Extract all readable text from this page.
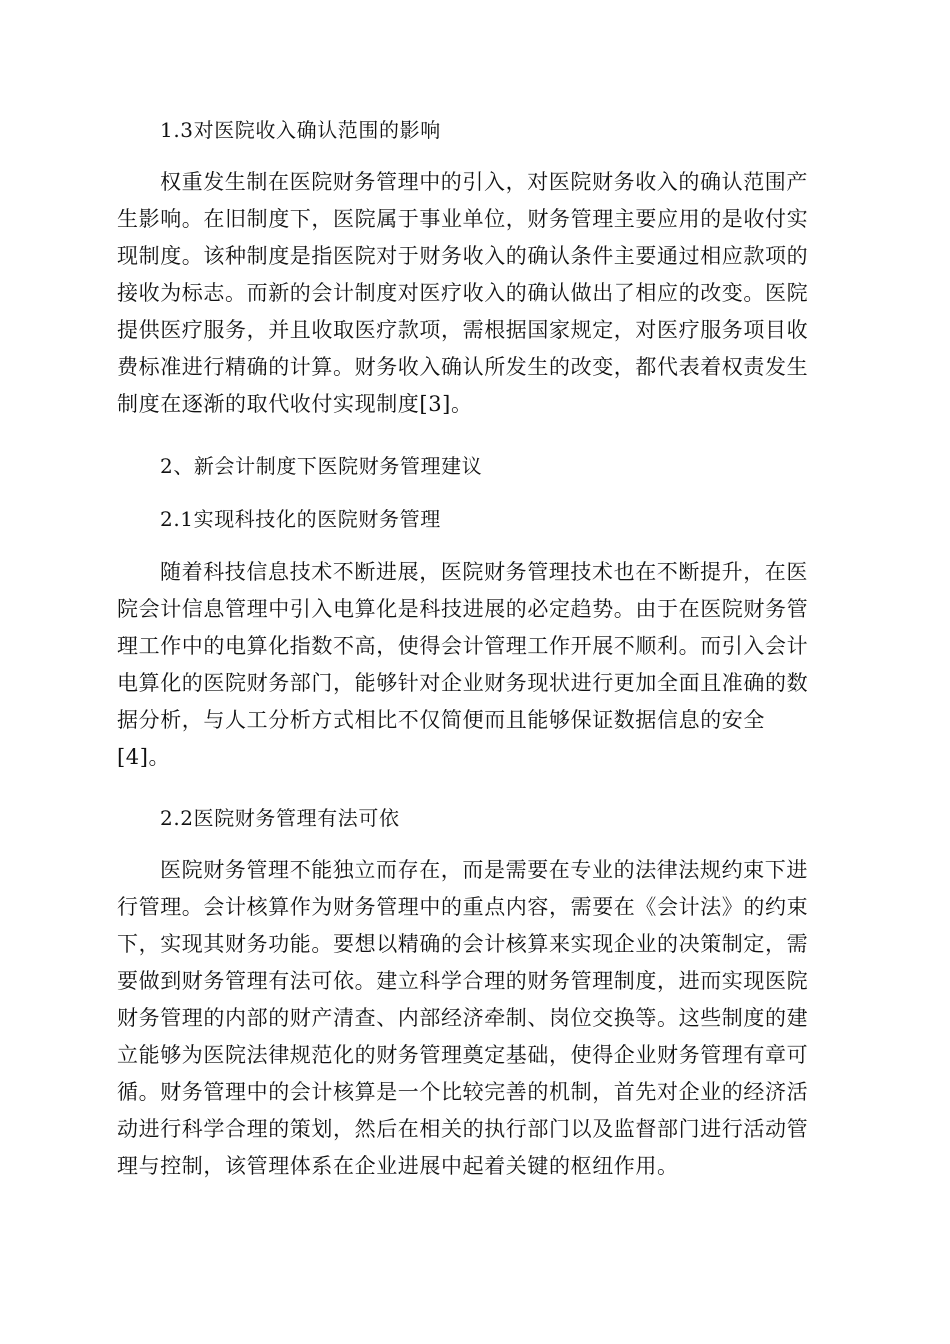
1.3对医院收入确认范围的影响
权重发生制在医院财务管理中的引入，对医院财务收入的确认范围产
生影响。在旧制度下，医院属于事业单位，财务管理主要应用的是收付实
现制度。该种制度是指医院对于财务收入的确认条件主要通过相应款项的
接收为标志。而新的会计制度对医疗收入的确认做出了相应的改变。医院
提供医疗服务，并且收取医疗款项，需根据国家规定，对医疗服务项目收
费标准进行精确的计算。财务收入确认所发生的改变，都代表着权责发生
制度在逐渐的取代收付实现制度[3]。
2、新会计制度下医院财务管理建议
2.1实现科技化的医院财务管理
随着科技信息技术不断进展，医院财务管理技术也在不断提升，在医
院会计信息管理中引入电算化是科技进展的必定趋势。由于在医院财务管
理工作中的电算化指数不高，使得会计管理工作开展不顺利。而引入会计
电算化的医院财务部门，能够针对企业财务现状进行更加全面且准确的数
据分析，与人工分析方式相比不仅简便而且能够保证数据信息的安全
[4]。
2.2医院财务管理有法可依
医院财务管理不能独立而存在，而是需要在专业的法律法规约束下进
行管理。会计核算作为财务管理中的重点内容，需要在《会计法》的约束
下，实现其财务功能。要想以精确的会计核算来实现企业的决策制定，需
要做到财务管理有法可依。建立科学合理的财务管理制度，进而实现医院
财务管理的内部的财产清查、内部经济牵制、岗位交换等。这些制度的建
立能够为医院法律规范化的财务管理奠定基础，使得企业财务管理有章可
循。财务管理中的会计核算是一个比较完善的机制，首先对企业的经济活
动进行科学合理的策划，然后在相关的执行部门以及监督部门进行活动管
理与控制，该管理体系在企业进展中起着关键的枢纽作用。
